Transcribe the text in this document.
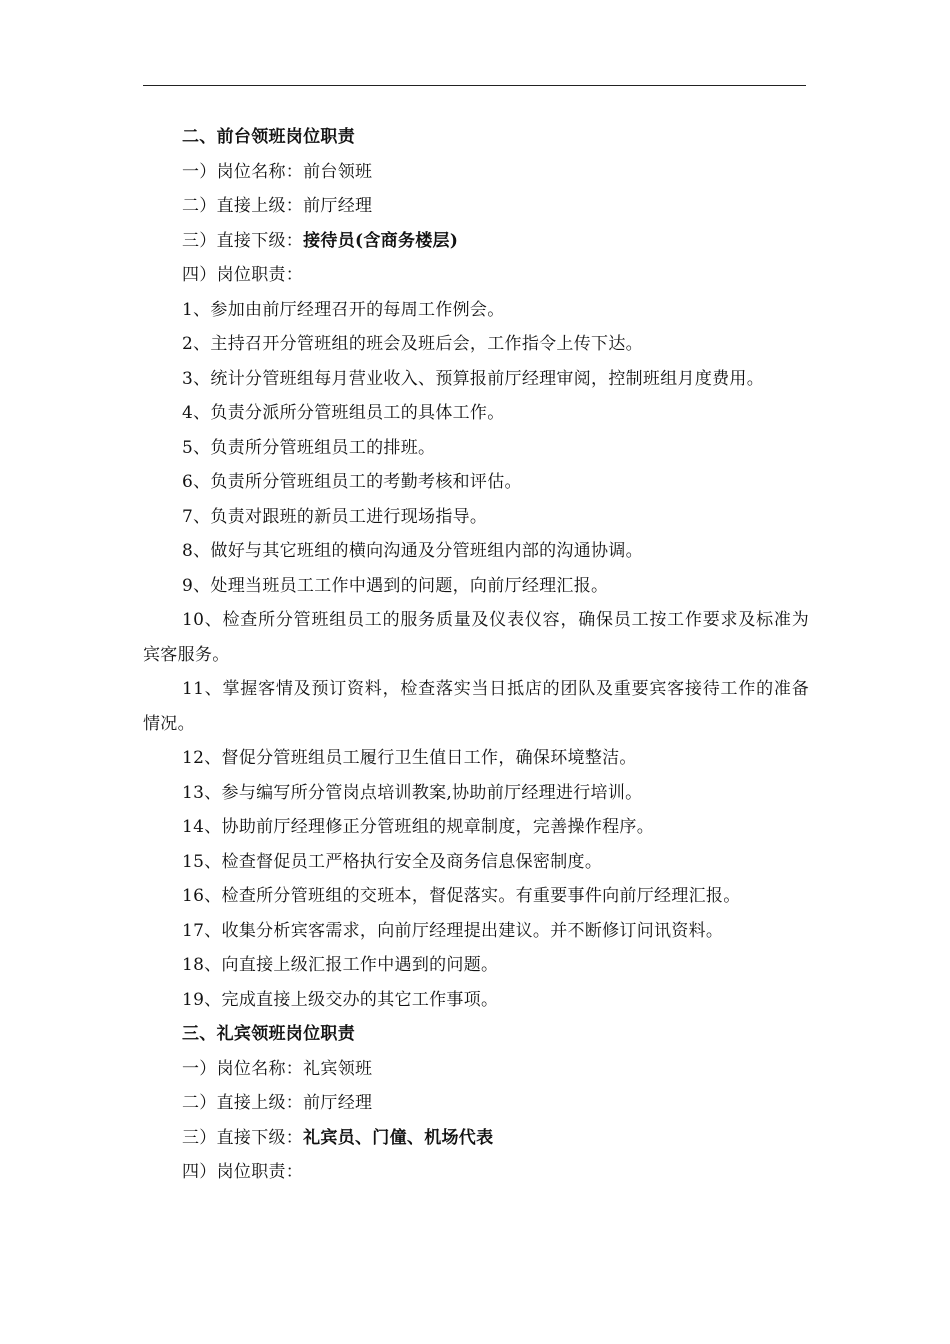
二、前台领班岗位职责
一）岗位名称：前台领班
二）直接上级：前厅经理
三）直接下级：接待员(含商务楼层)
四）岗位职责：
1、参加由前厅经理召开的每周工作例会。
2、主持召开分管班组的班会及班后会，工作指令上传下达。
3、统计分管班组每月营业收入、预算报前厅经理审阅，控制班组月度费用。
4、负责分派所分管班组员工的具体工作。
5、负责所分管班组员工的排班。
6、负责所分管班组员工的考勤考核和评估。
7、负责对跟班的新员工进行现场指导。
8、做好与其它班组的横向沟通及分管班组内部的沟通协调。
9、处理当班员工工作中遇到的问题，向前厅经理汇报。
10、检查所分管班组员工的服务质量及仪表仪容，确保员工按工作要求及标准为宾客服务。
11、掌握客情及预订资料，检查落实当日抵店的团队及重要宾客接待工作的准备情况。
12、督促分管班组员工履行卫生值日工作，确保环境整洁。
13、参与编写所分管岗点培训教案,协助前厅经理进行培训。
14、协助前厅经理修正分管班组的规章制度，完善操作程序。
15、检查督促员工严格执行安全及商务信息保密制度。
16、检查所分管班组的交班本，督促落实。有重要事件向前厅经理汇报。
17、收集分析宾客需求，向前厅经理提出建议。并不断修订问讯资料。
18、向直接上级汇报工作中遇到的问题。
19、完成直接上级交办的其它工作事项。
三、礼宾领班岗位职责
一）岗位名称：礼宾领班
二）直接上级：前厅经理
三）直接下级：礼宾员、门僮、机场代表
四）岗位职责：
